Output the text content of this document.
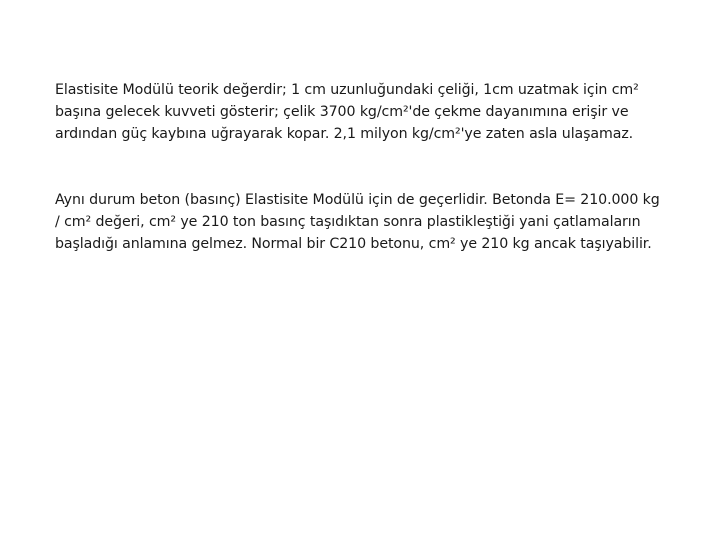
Elastisite Modülü teorik değerdir; 1 cm uzunluğundaki çeliği, 1cm uzatmak için cm²
başına gelecek kuvveti gösterir; çelik 3700 kg/cm²'de çekme dayanımına erişir ve
ardından güç kaybına uğrayarak kopar. 2,1 milyon kg/cm²'ye zaten asla ulaşamaz.

Aynı durum beton (basınç) Elastisite Modülü için de geçerlidir. Betonda E= 210.000 kg
/ cm² değeri, cm² ye 210 ton basınç taşıdıktan sonra plastikleştiği yani çatlamaların
başladığı anlamına gelmez. Normal bir C210 betonu, cm² ye 210 kg ancak taşıyabilir.
